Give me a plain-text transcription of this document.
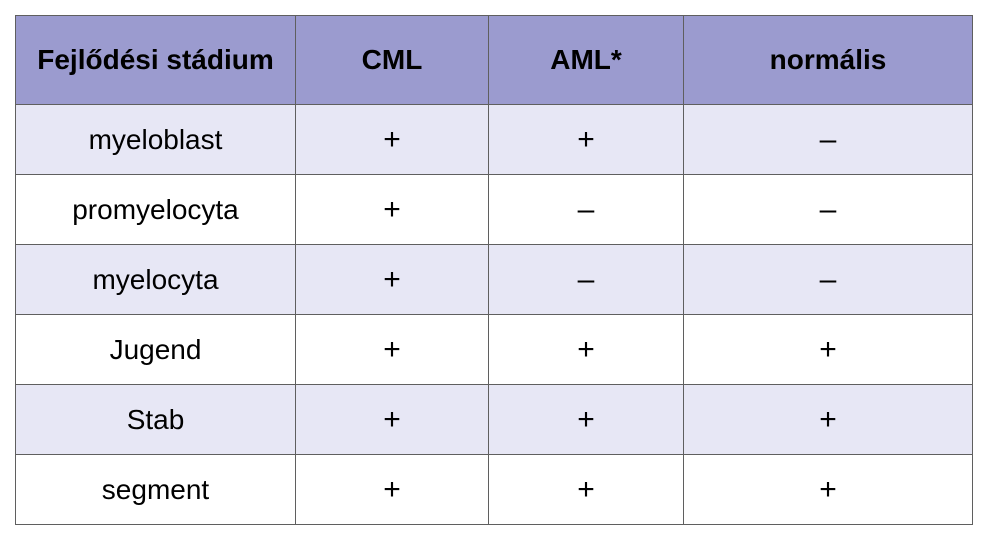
Fejlődési stádium	CML	AML*	normális
myeloblast	+	+	–
promyelocyta	+	–	–
myelocyta	+	–	–
Jugend	+	+	+
Stab	+	+	+
segment	+	+	+
